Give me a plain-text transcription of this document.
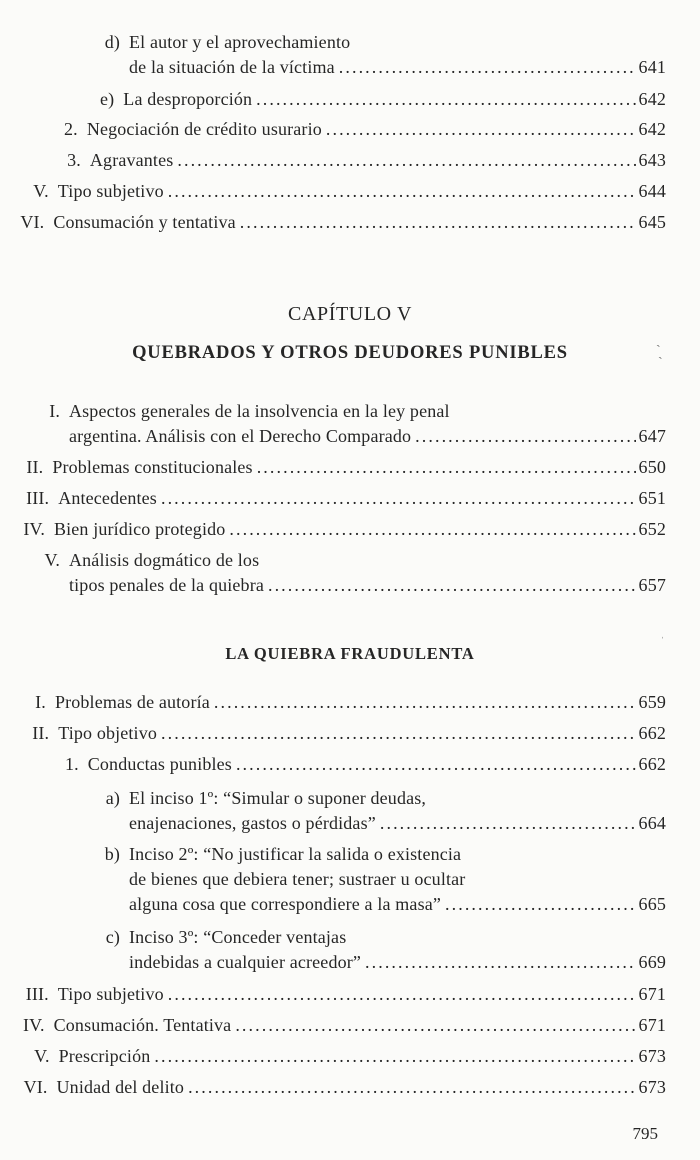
d) El autor y el aprovechamiento
de la situación de la víctima . . .	641
e) La desproporción . . .	642
2. Negociación de crédito usurario . . .	642
3. Agravantes . . .	643
V. Tipo subjetivo . . .	644
VI. Consumación y tentativa . . .	645
CAPÍTULO V
QUEBRADOS Y OTROS DEUDORES PUNIBLES
ˎ
ˏ
I. Aspectos generales de la insolvencia en la ley penal
argentina. Análisis con el Derecho Comparado . . .	647
II. Problemas constitucionales . . .	650
III. Antecedentes . . .	651
IV. Bien jurídico protegido . . .	652
V. Análisis dogmático de los
tipos penales de la quiebra . . .	657
LA QUIEBRA FRAUDULENTA
ˌ
I. Problemas de autoría . . .	659
II. Tipo objetivo . . .	662
1. Conductas punibles . . .	662
a) El inciso 1º: “Simular o suponer deudas,
enajenaciones, gastos o pérdidas” . . .	664
b) Inciso 2º: “No justificar la salida o existencia
de bienes que debiera tener; sustraer u ocultar
alguna cosa que correspondiere a la masa” . . .	665
c) Inciso 3º: “Conceder ventajas
indebidas a cualquier acreedor” . . .	669
III. Tipo subjetivo . . .	671
IV. Consumación. Tentativa . . .	671
V. Prescripción . . .	673
VI. Unidad del delito . . .	673
795
